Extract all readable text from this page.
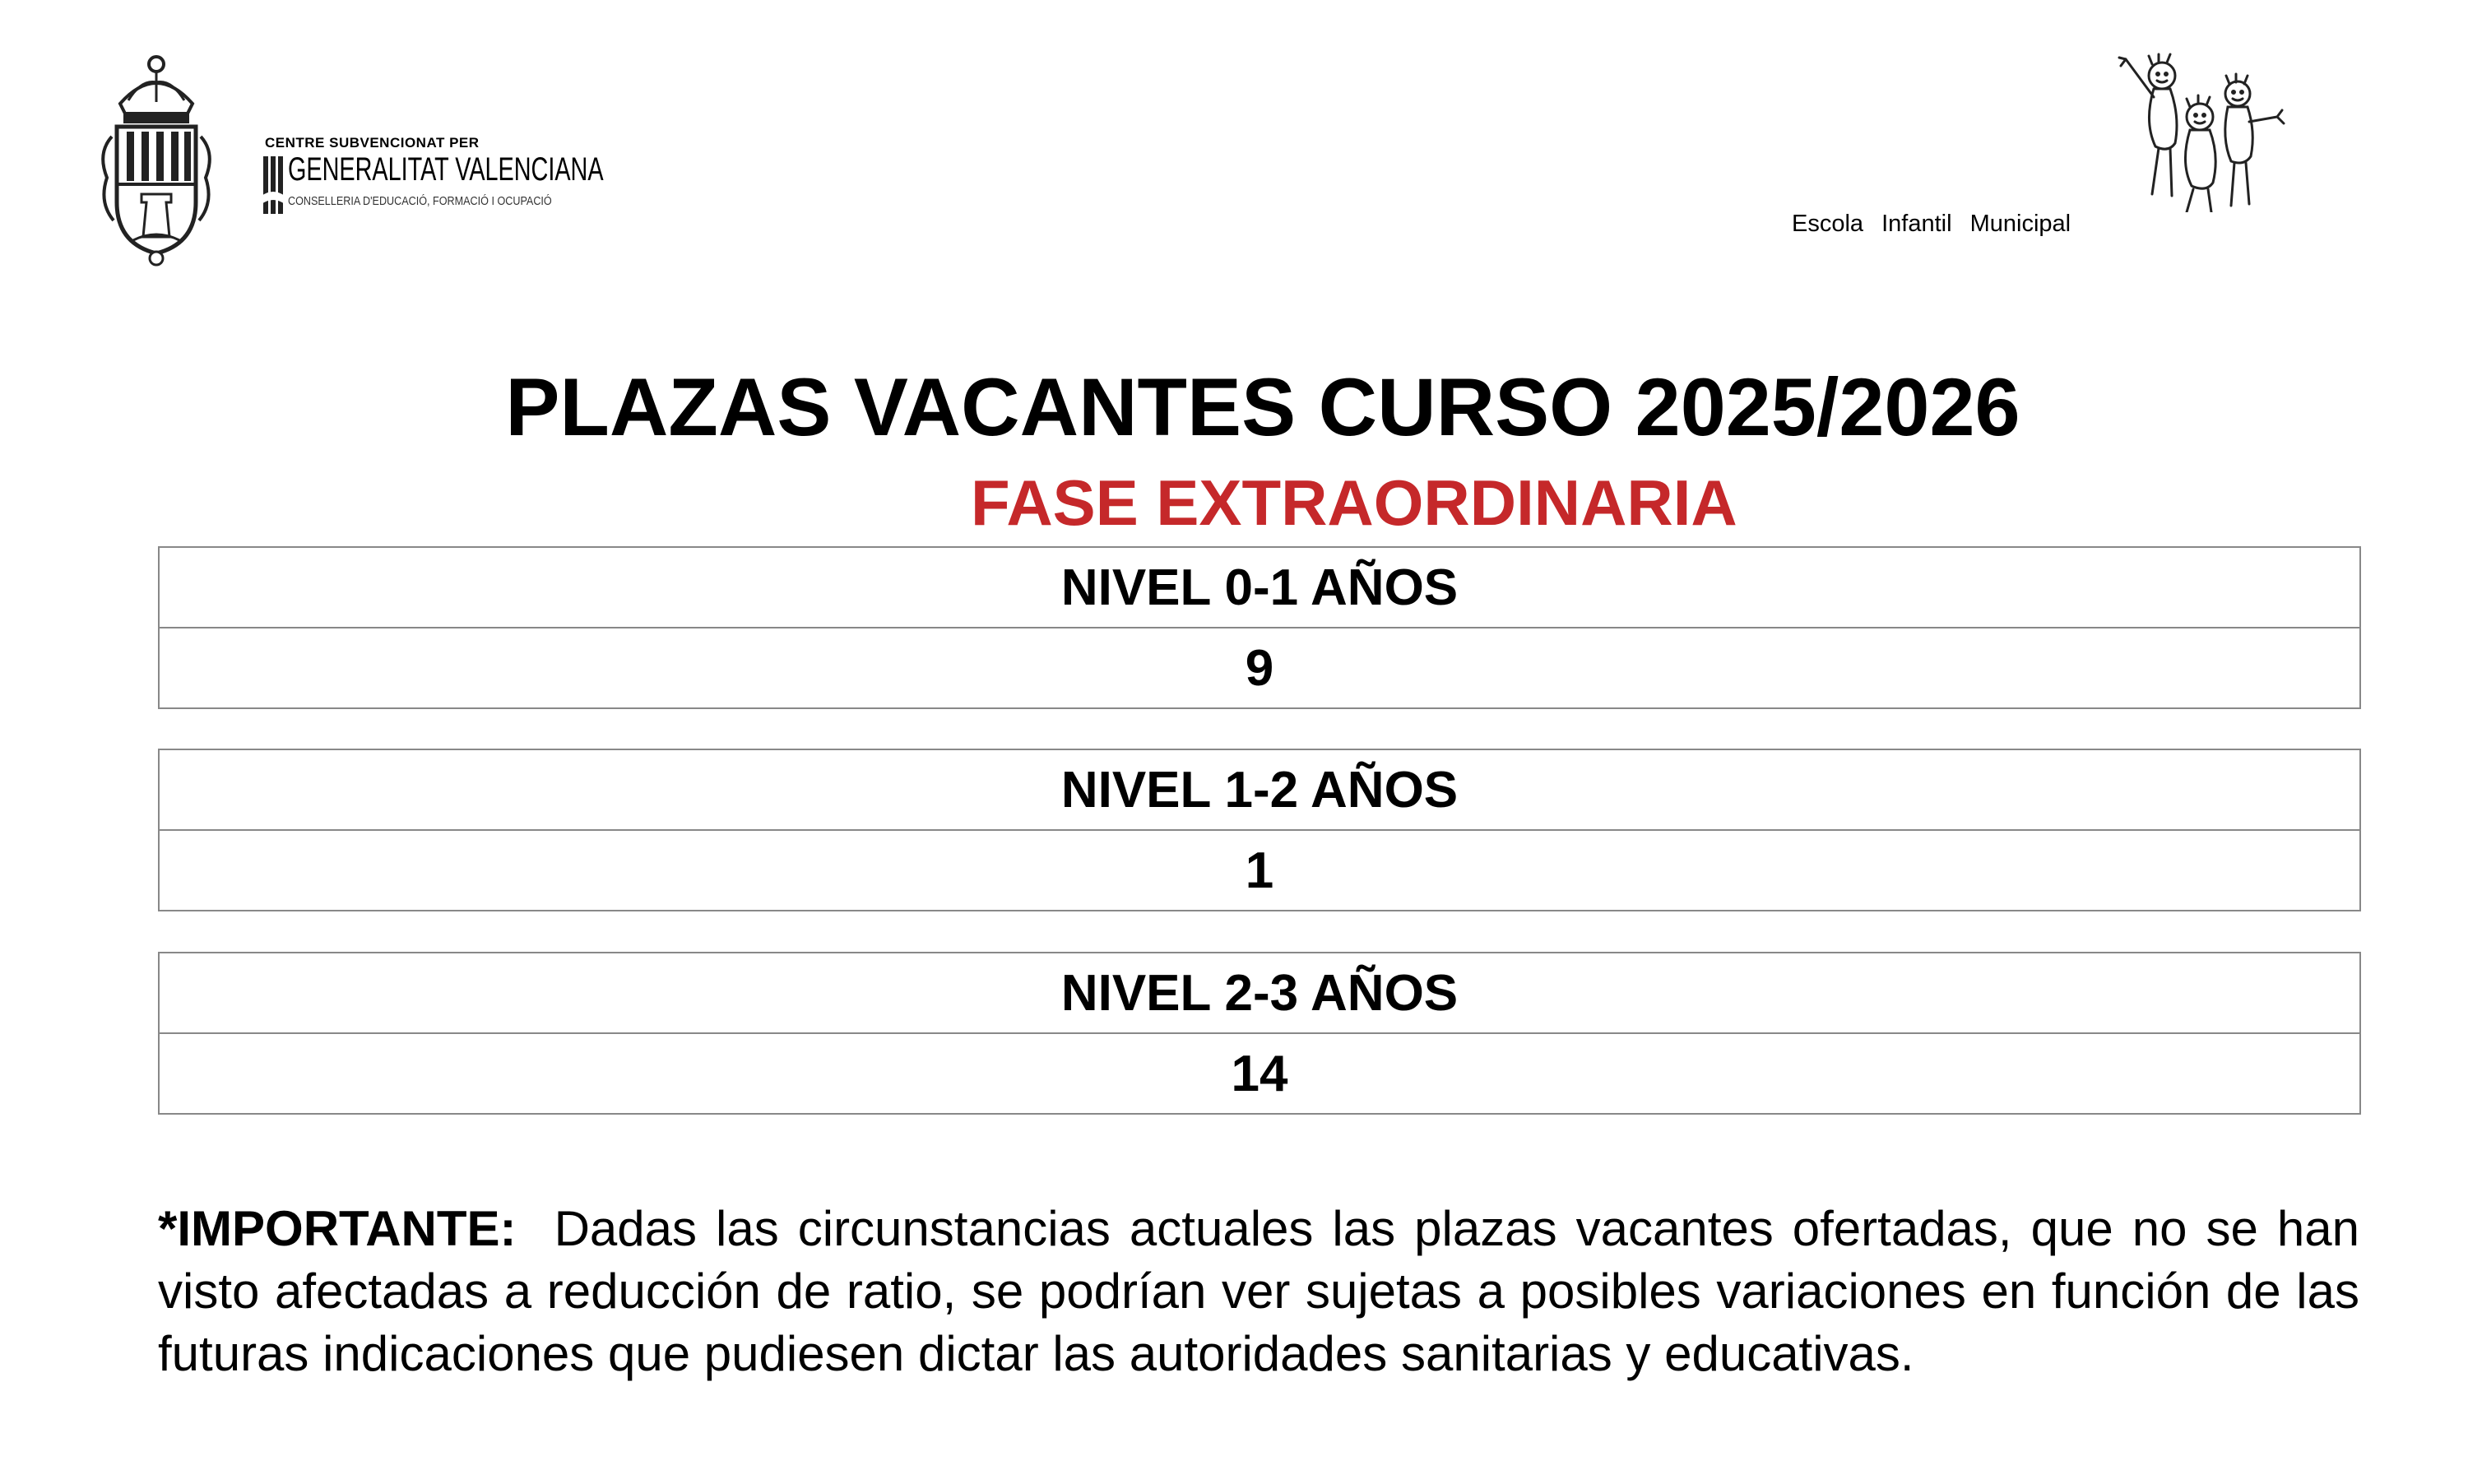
CENTRE SUBVENCIONAT PER
GENERALITAT VALENCIANA
CONSELLERIA D'EDUCACIÓ, FORMACIÓ I OCUPACIÓ
Escola Infantil Municipal
PLAZAS VACANTES CURSO 2025/2026
FASE EXTRAORDINARIA
NIVEL 0-1 AÑOS
9
NIVEL 1-2 AÑOS
1
NIVEL 2-3 AÑOS
14
*IMPORTANTE: Dadas las circunstancias actuales las plazas vacantes ofertadas, que no se han visto afectadas a reducción de ratio, se podrían ver sujetas a posibles variaciones en función de las futuras indicaciones que pudiesen dictar las autoridades sanitarias y educativas.
